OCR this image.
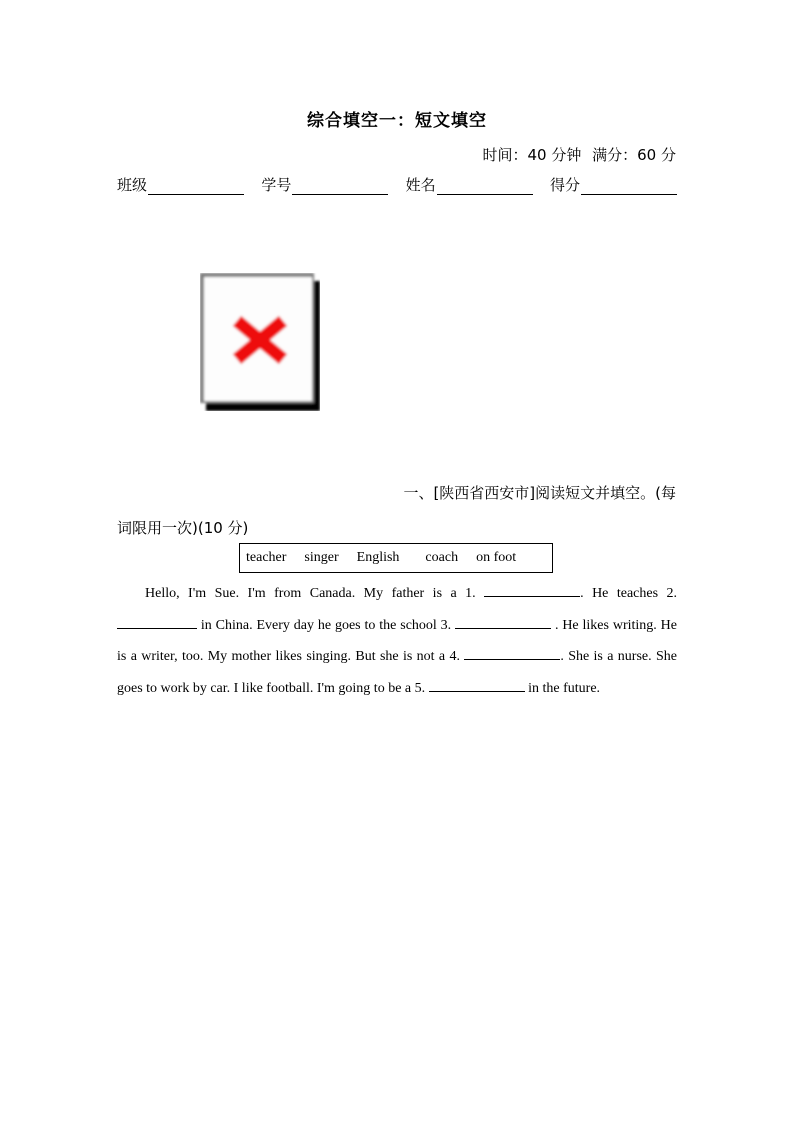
综合填空一：短文填空
时间：40 分钟 满分：60 分
班级	学号	姓名	得分
一、[陕西省西安市]阅读短文并填空。(每
词限用一次)(10 分)
teacher singer English coach on foot

Hello, I'm Sue. I'm from Canada. My father is a 1.	. He teaches 2.  in China. Every day he goes to the school 3.	. He likes writing. He is a writer, too. My mother likes singing. But she is not a 4.	. She is a nurse. She goes to work by car. I like football. I'm going to be a 5.	in the future.
